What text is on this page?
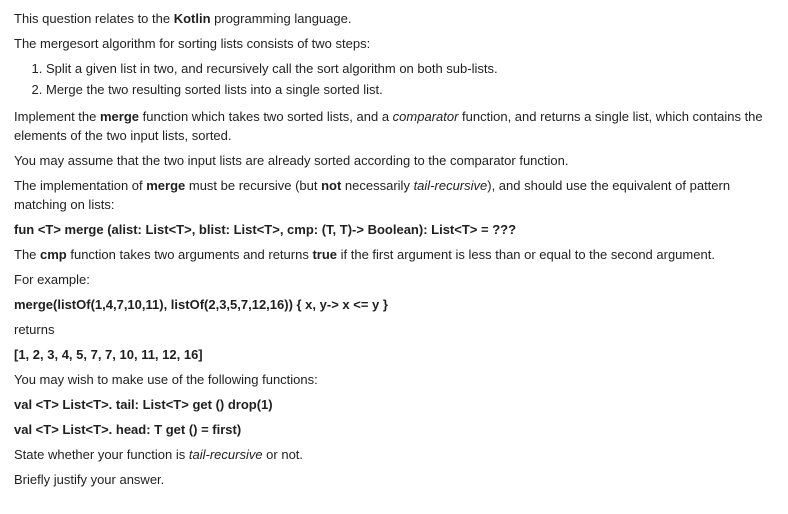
This question relates to the Kotlin programming language.

The mergesort algorithm for sorting lists consists of two steps:

1. Split a given list in two, and recursively call the sort algorithm on both sub-lists.
2. Merge the two resulting sorted lists into a single sorted list.

Implement the merge function which takes two sorted lists, and a comparator function, and returns a single list, which contains the elements of the two input lists, sorted.

You may assume that the two input lists are already sorted according to the comparator function.

The implementation of merge must be recursive (but not necessarily tail-recursive), and should use the equivalent of pattern matching on lists:

fun <T> merge (alist: List<T>, blist: List<T>, cmp: (T, T)-> Boolean): List<T> = ???

The cmp function takes two arguments and returns true if the first argument is less than or equal to the second argument.

For example:

merge(listOf(1,4,7,10,11), listOf(2,3,5,7,12,16)) { x, y-> x <= y }

returns

[1, 2, 3, 4, 5, 7, 7, 10, 11, 12, 16]

You may wish to make use of the following functions:

val <T> List<T>. tail: List<T> get () drop(1)

val <T> List<T>. head: T get () = first)

State whether your function is tail-recursive or not.

Briefly justify your answer.
